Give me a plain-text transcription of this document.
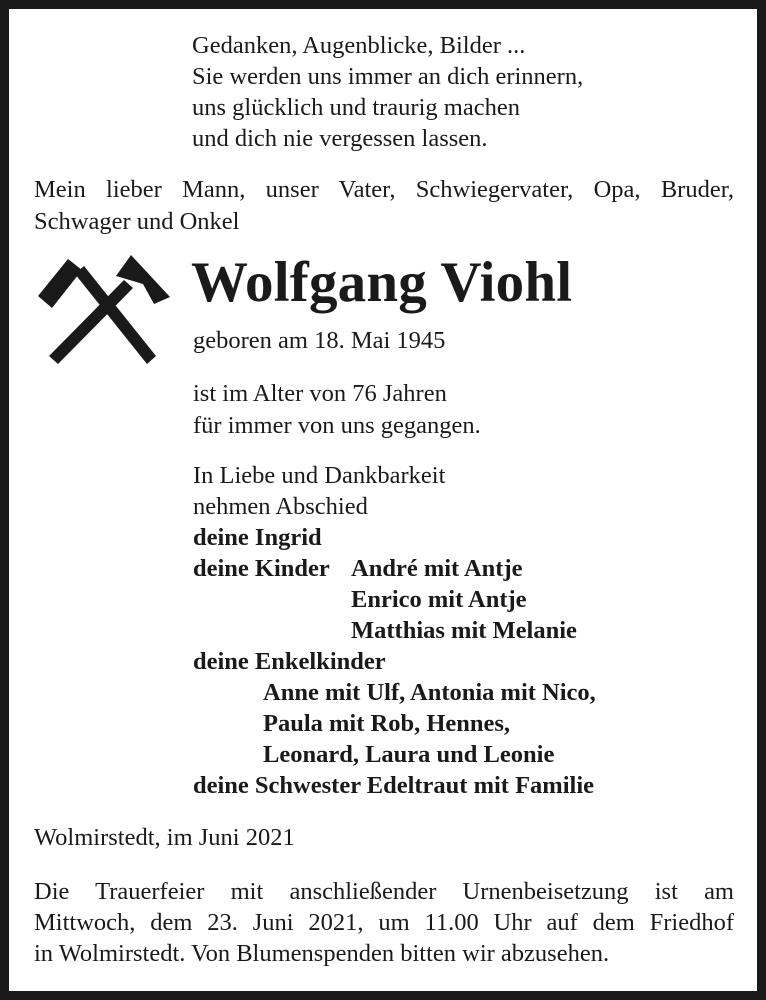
Gedanken, Augenblicke, Bilder ...
Sie werden uns immer an dich erinnern,
uns glücklich und traurig machen
und dich nie vergessen lassen.
Mein lieber Mann, unser Vater, Schwiegervater, Opa, Bruder,
Schwager und Onkel
Wolfgang Viohl
geboren am 18. Mai 1945
ist im Alter von 76 Jahren
für immer von uns gegangen.
In Liebe und Dankbarkeit
nehmen Abschied
deine Ingrid
deine Kinder André mit Antje
Enrico mit Antje
Matthias mit Melanie
deine Enkelkinder
Anne mit Ulf, Antonia mit Nico,
Paula mit Rob, Hennes,
Leonard, Laura und Leonie
deine Schwester Edeltraut mit Familie
Wolmirstedt, im Juni 2021
Die Trauerfeier mit anschließender Urnenbeisetzung ist am
Mittwoch, dem 23. Juni 2021, um 11.00 Uhr auf dem Friedhof
in Wolmirstedt. Von Blumenspenden bitten wir abzusehen.
